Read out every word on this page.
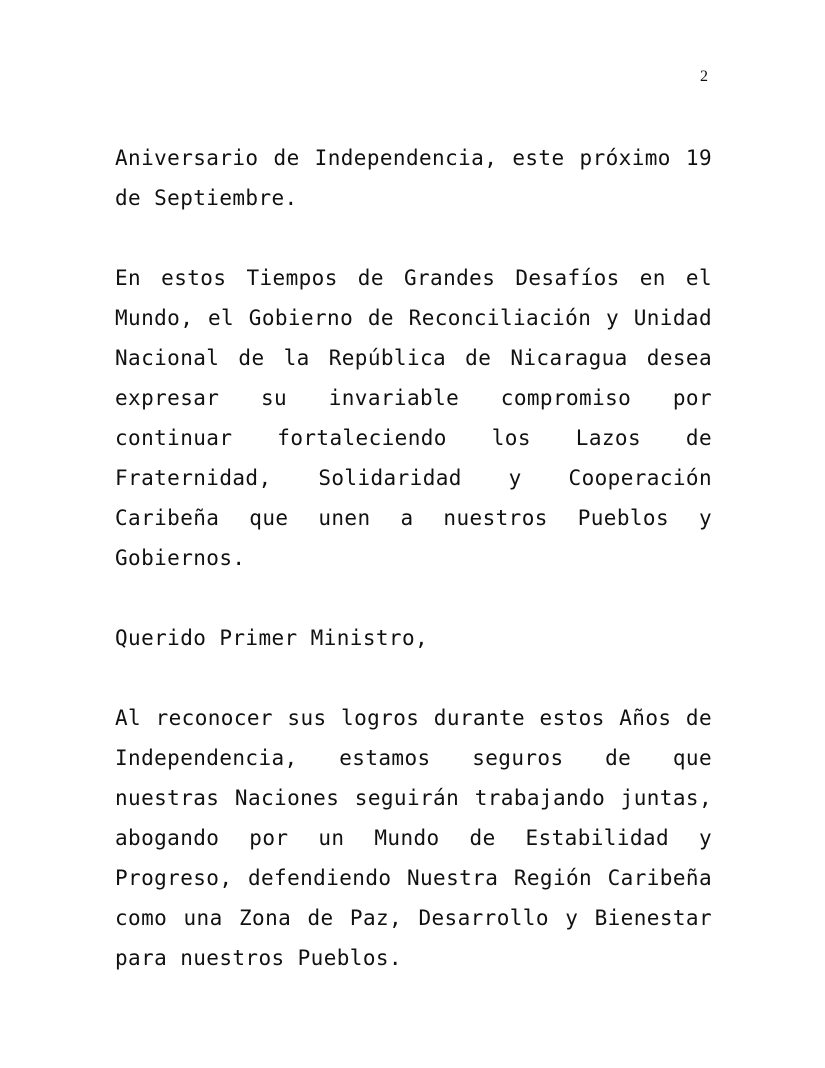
2

Aniversario de Independencia, este próximo 19 de Septiembre.

En estos Tiempos de Grandes Desafíos en el Mundo, el Gobierno de Reconciliación y Unidad Nacional de la República de Nicaragua desea expresar su invariable compromiso por continuar fortaleciendo los Lazos de Fraternidad, Solidaridad y Cooperación Caribeña que unen a nuestros Pueblos y Gobiernos.

Querido Primer Ministro,

Al reconocer sus logros durante estos Años de Independencia, estamos seguros de que nuestras Naciones seguirán trabajando juntas, abogando por un Mundo de Estabilidad y Progreso, defendiendo Nuestra Región Caribeña como una Zona de Paz, Desarrollo y Bienestar para nuestros Pueblos.
